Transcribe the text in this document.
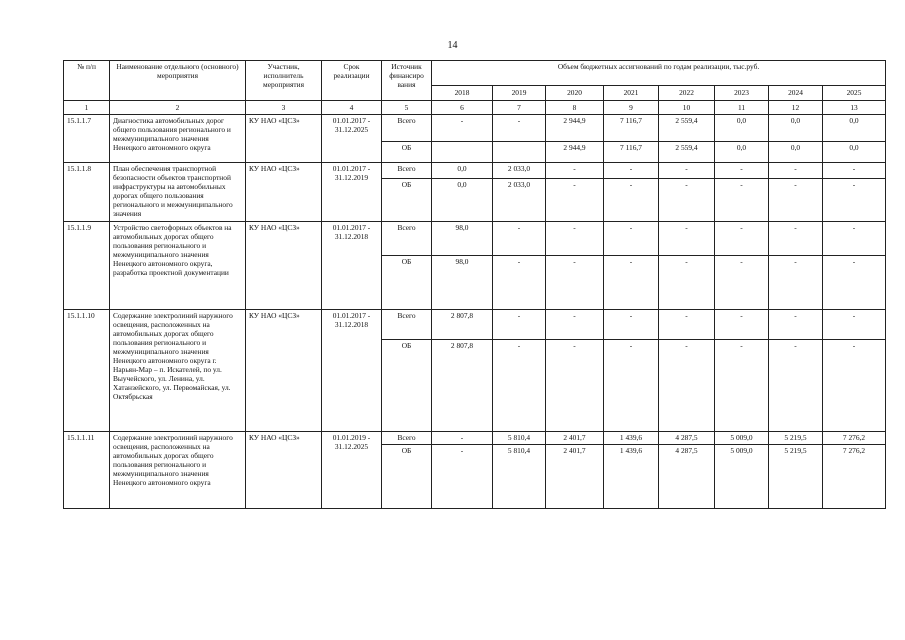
14
№ п/п	Наименование отдельного (основного) мероприятия	Участник, исполнитель мероприятия	Срок реализации	Источник финансиро вания	Объем бюджетных ассигнований по годам реализации, тыс.руб.							
					2018	2019	2020	2021	2022	2023	2024	2025
1	2	3	4	5	6	7	8	9	10	11	12	13
15.1.1.7	Диагностика автомобильных дорог общего пользования регионального и межмуниципального значения Ненецкого автономного округа	КУ НАО «ЦСЗ»	01.01.2017 - 31.12.2025	Всего	-	-	2 944,9	7 116,7	2 559,4	0,0	0,0	0,0
				ОБ			2 944,9	7 116,7	2 559,4	0,0	0,0	0,0
15.1.1.8	План обеспечения транспортной безопасности объектов транспортной инфраструктуры на автомобильных дорогах общего пользования регионального и межмуниципального значения	КУ НАО «ЦСЗ»	01.01.2017 - 31.12.2019	Всего	0,0	2 033,0	-	-	-	-	-	-
				ОБ	0,0	2 033,0	-	-	-	-	-	-
15.1.1.9	Устройство светофорных объектов на автомобильных дорогах общего пользования регионального и межмуниципального значения Ненецкого автономного округа, разработка проектной документации	КУ НАО «ЦСЗ»	01.01.2017 - 31.12.2018	Всего	98,0	-	-	-	-	-	-	-
				ОБ	98,0	-	-	-	-	-	-	-
15.1.1.10	Содержание электролиний наружного освещения, расположенных на автомобильных дорогах общего пользования регионального и межмуниципального значения Ненецкого автономного округа г. Нарьян-Мар – п. Искателей, по ул. Выучейского, ул. Ленина, ул. Хатанзейского, ул. Первомайская, ул. Октябрьская	КУ НАО «ЦСЗ»	01.01.2017 - 31.12.2018	Всего	2 807,8	-	-	-	-	-	-	-
				ОБ	2 807,8	-	-	-	-	-	-	-
15.1.1.11	Содержание электролиний наружного освещения, расположенных на автомобильных дорогах общего пользования регионального и межмуниципального значения Ненецкого автономного округа	КУ НАО «ЦСЗ»	01.01.2019 - 31.12.2025	Всего	-	5 810,4	2 401,7	1 439,6	4 287,5	5 009,0	5 219,5	7 276,2
				ОБ	-	5 810,4	2 401,7	1 439,6	4 287,5	5 009,0	5 219,5	7 276,2
